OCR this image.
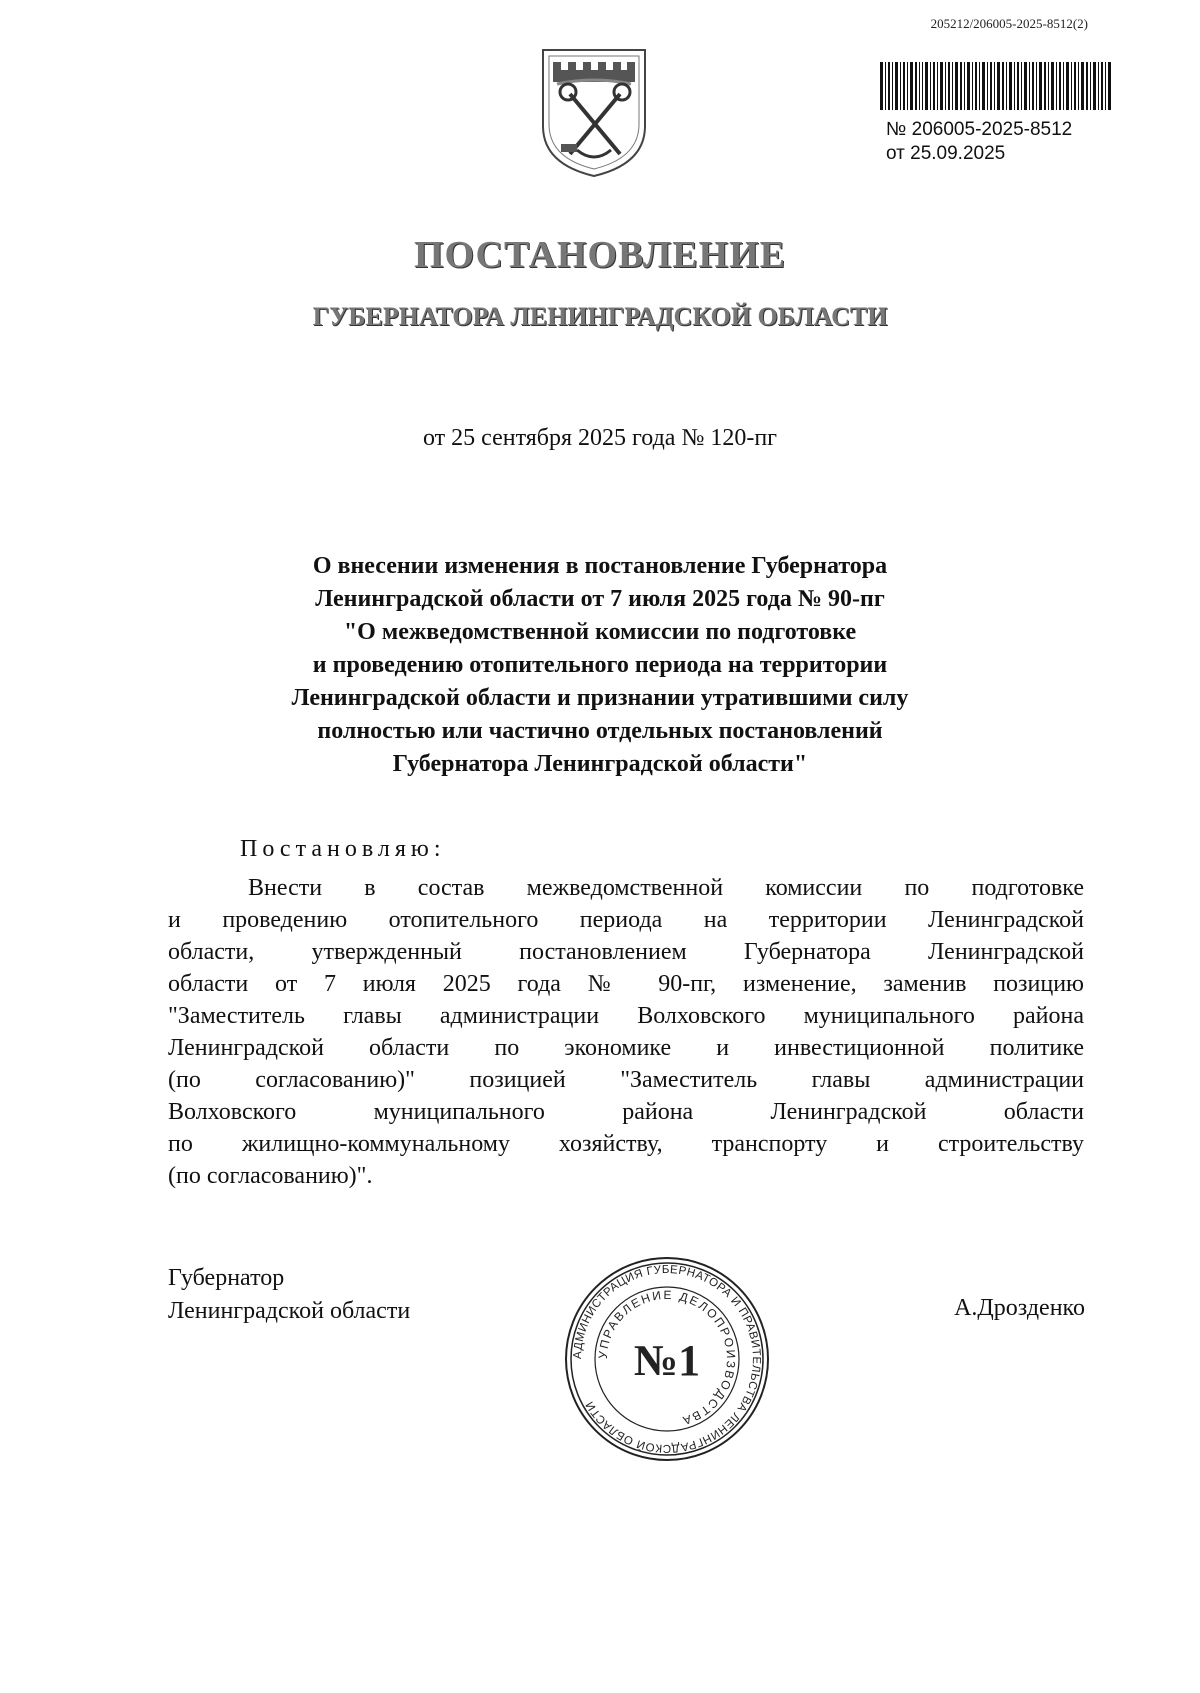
205212/206005-2025-8512(2)
№ 206005-2025-8512
от 25.09.2025
ПОСТАНОВЛЕНИЕ
ГУБЕРНАТОРА ЛЕНИНГРАДСКОЙ ОБЛАСТИ
от 25 сентября 2025 года № 120-пг
О внесении изменения в постановление Губернатора
Ленинградской области от 7 июля 2025 года № 90-пг
"О межведомственной комиссии по подготовке
и проведению отопительного периода на территории
Ленинградской области и признании утратившими силу
полностью или частично отдельных постановлений
Губернатора Ленинградской области"
Постановляю:
Внести в состав межведомственной комиссии по подготовке
и проведению отопительного периода на территории Ленинградской
области, утвержденный постановлением Губернатора Ленинградской
области от 7 июля 2025 года № 90-пг, изменение, заменив позицию
"Заместитель главы администрации Волховского муниципального района
Ленинградской области по экономике и инвестиционной политике
(по согласованию)" позицией "Заместитель главы администрации
Волховского муниципального района Ленинградской области
по жилищно-коммунальному хозяйству, транспорту и строительству
(по согласованию)".
Губернатор
Ленинградской области	А.Дрозденко
АДМИНИСТРАЦИЯ ГУБЕРНАТОРА И ПРАВИТЕЛЬСТВА ЛЕНИНГРАДСКОЙ ОБЛАСТИ
УПРАВЛЕНИЕ ДЕЛОПРОИЗВОДСТВА
№1
